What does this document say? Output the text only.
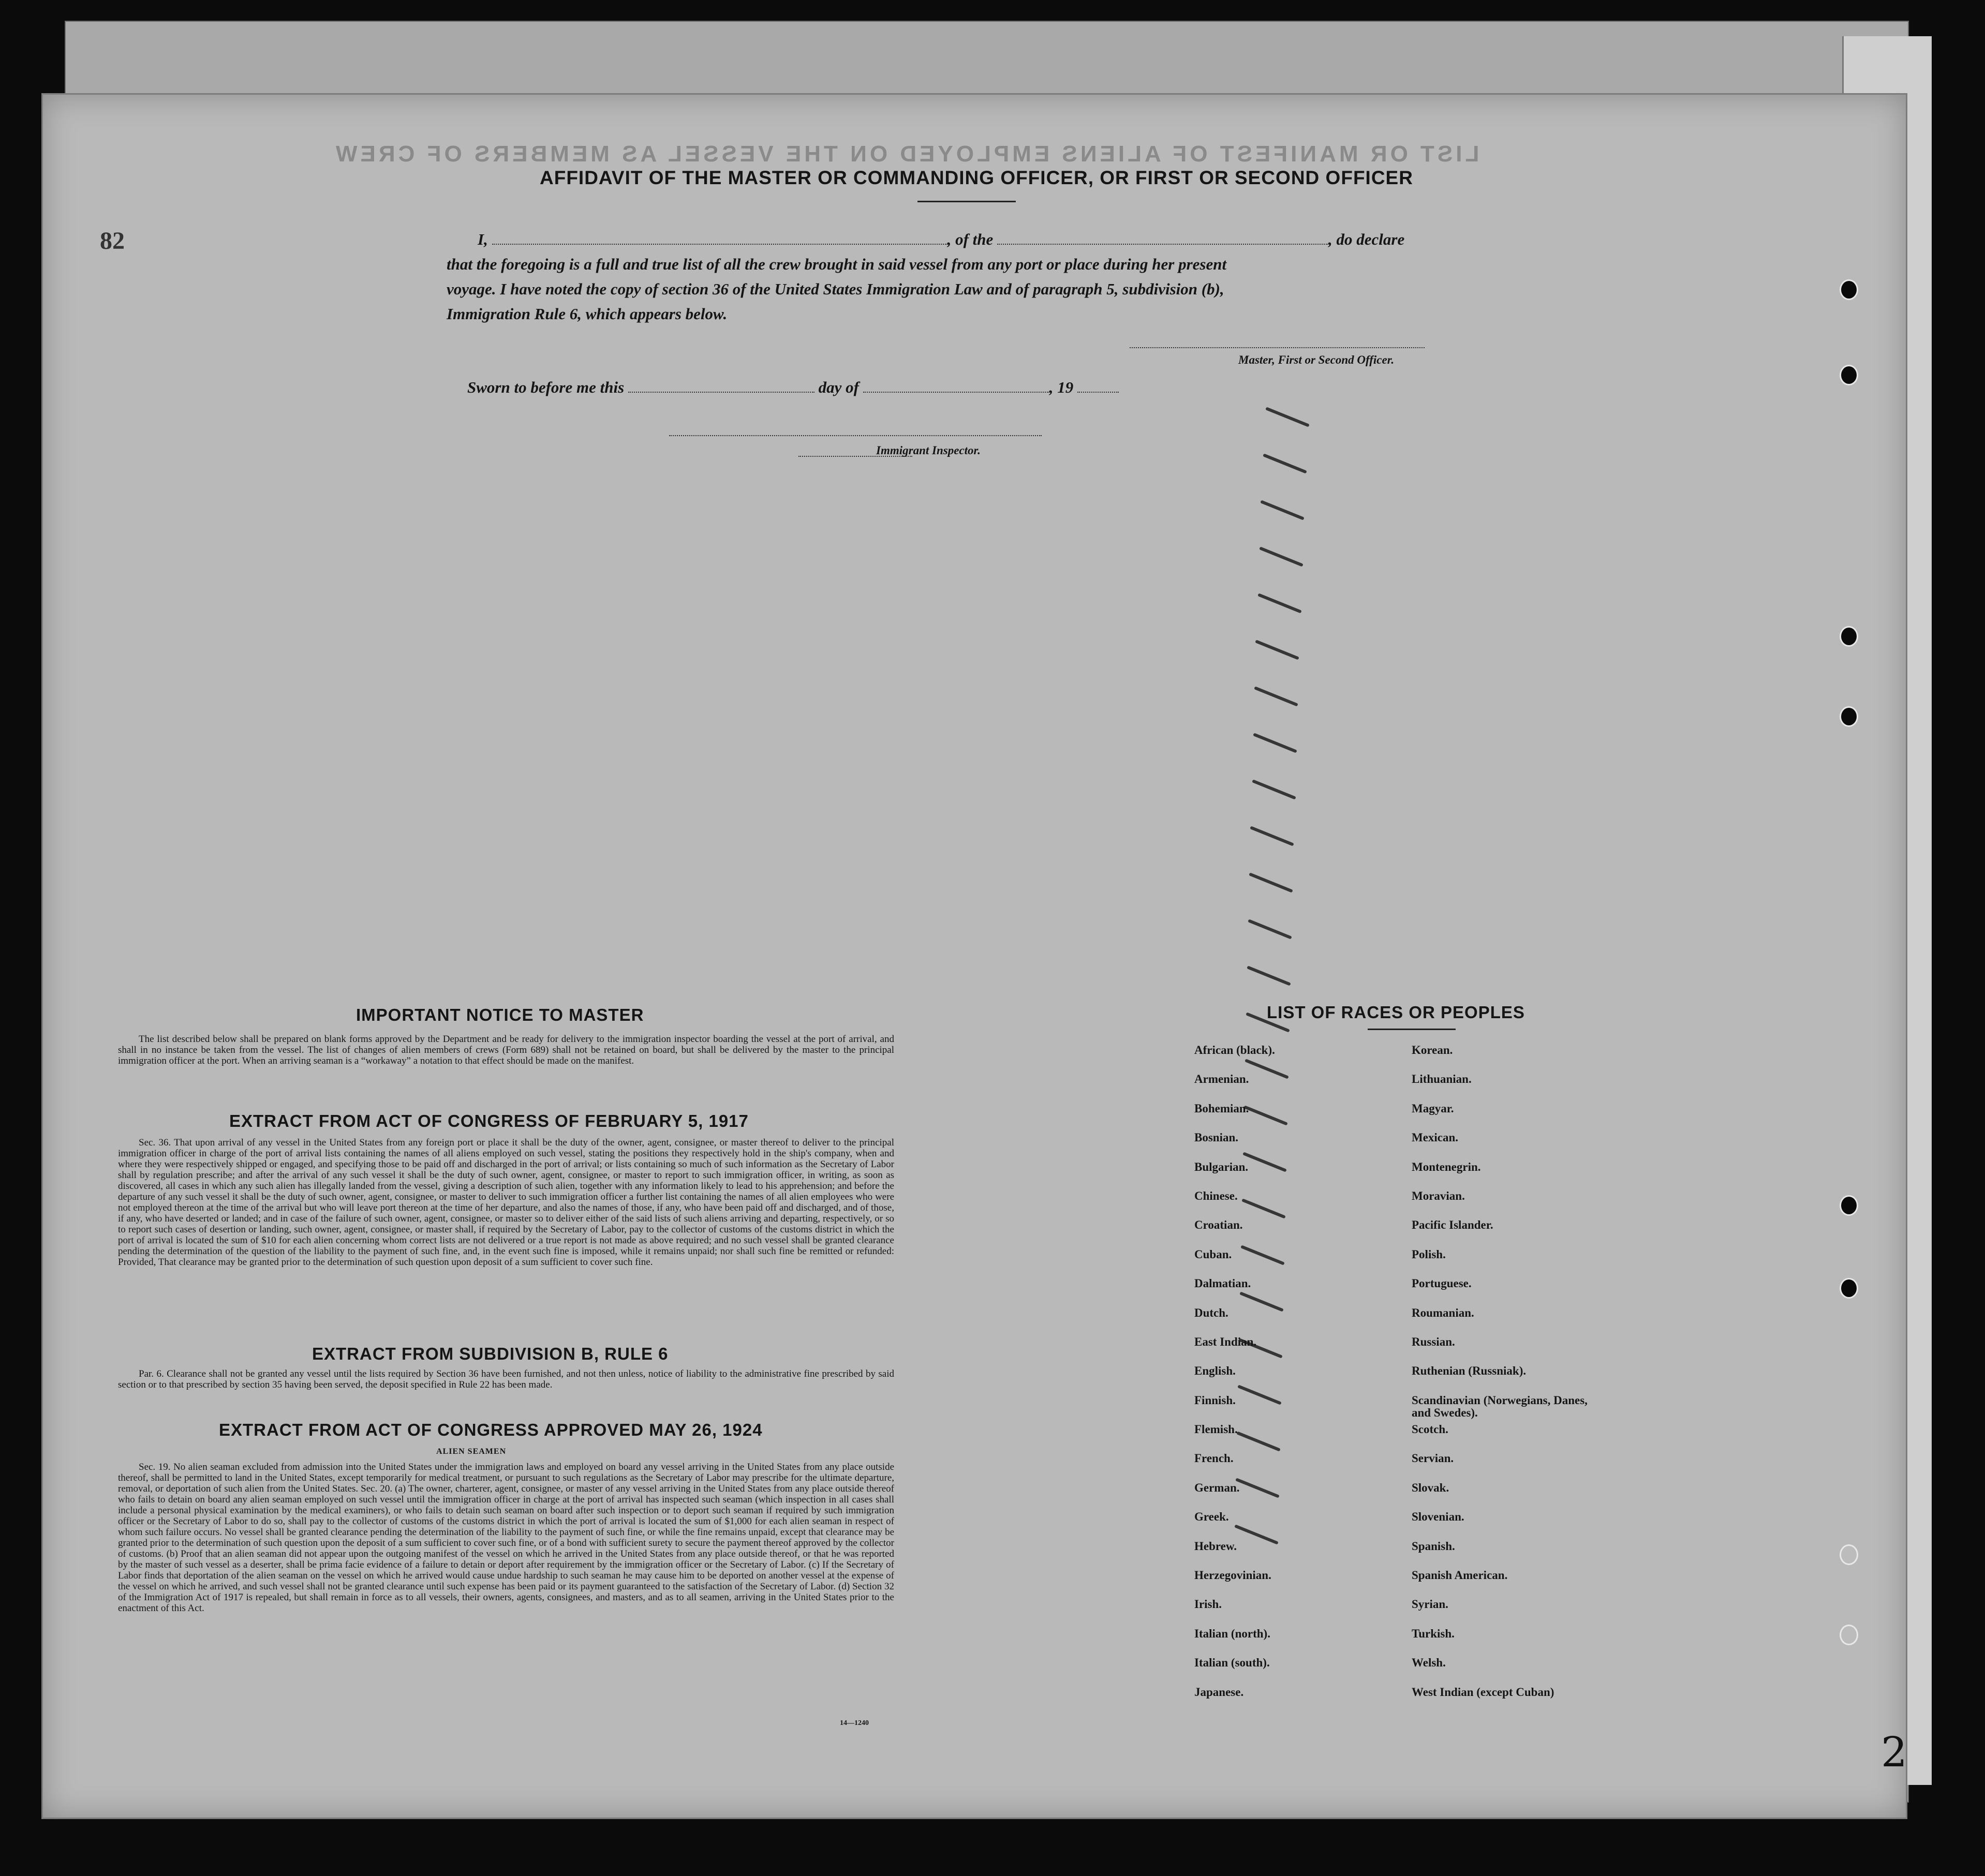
LIST OR MANIFEST OF ALIENS EMPLOYED ON THE VESSEL AS MEMBERS OF CREW
82
AFFIDAVIT OF THE MASTER OR COMMANDING OFFICER, OR FIRST OR SECOND OFFICER
I,	, of the	, do declare
that the foregoing is a full and true list of all the crew brought in said vessel from any port or place during her present
voyage. I have noted the copy of section 36 of the United States Immigration Law and of paragraph 5, subdivision (b),
Immigration Rule 6, which appears below.
Master, First or Second Officer.
Sworn to before me this	day of	, 19
Immigrant Inspector.
IMPORTANT NOTICE TO MASTER
The list described below shall be prepared on blank forms approved by the Department and be ready for delivery to the immigration inspector boarding the vessel at the port of arrival, and shall in no instance be taken from the vessel. The list of changes of alien members of crews (Form 689) shall not be retained on board, but shall be delivered by the master to the principal immigration officer at the port. When an arriving seaman is a “workaway” a notation to that effect should be made on the manifest.
EXTRACT FROM ACT OF CONGRESS OF FEBRUARY 5, 1917
Sec. 36. That upon arrival of any vessel in the United States from any foreign port or place it shall be the duty of the owner, agent, consignee, or master thereof to deliver to the principal immigration officer in charge of the port of arrival lists containing the names of all aliens employed on such vessel, stating the positions they respectively hold in the ship's company, when and where they were respectively shipped or engaged, and specifying those to be paid off and discharged in the port of arrival; or lists containing so much of such information as the Secretary of Labor shall by regulation prescribe; and after the arrival of any such vessel it shall be the duty of such owner, agent, consignee, or master to report to such immigration officer, in writing, as soon as discovered, all cases in which any such alien has illegally landed from the vessel, giving a description of such alien, together with any information likely to lead to his apprehension; and before the departure of any such vessel it shall be the duty of such owner, agent, consignee, or master to deliver to such immigration officer a further list containing the names of all alien employees who were not employed thereon at the time of the arrival but who will leave port thereon at the time of her departure, and also the names of those, if any, who have been paid off and discharged, and of those, if any, who have deserted or landed; and in case of the failure of such owner, agent, consignee, or master so to deliver either of the said lists of such aliens arriving and departing, respectively, or so to report such cases of desertion or landing, such owner, agent, consignee, or master shall, if required by the Secretary of Labor, pay to the collector of customs of the customs district in which the port of arrival is located the sum of $10 for each alien concerning whom correct lists are not delivered or a true report is not made as above required; and no such vessel shall be granted clearance pending the determination of the question of the liability to the payment of such fine, and, in the event such fine is imposed, while it remains unpaid; nor shall such fine be remitted or refunded: Provided, That clearance may be granted prior to the determination of such question upon deposit of a sum sufficient to cover such fine.
EXTRACT FROM SUBDIVISION B, RULE 6
Par. 6. Clearance shall not be granted any vessel until the lists required by Section 36 have been furnished, and not then unless, notice of liability to the administrative fine prescribed by said section or to that prescribed by section 35 having been served, the deposit specified in Rule 22 has been made.
EXTRACT FROM ACT OF CONGRESS APPROVED MAY 26, 1924
ALIEN SEAMEN
Sec. 19. No alien seaman excluded from admission into the United States under the immigration laws and employed on board any vessel arriving in the United States from any place outside thereof, shall be permitted to land in the United States, except temporarily for medical treatment, or pursuant to such regulations as the Secretary of Labor may prescribe for the ultimate departure, removal, or deportation of such alien from the United States. Sec. 20. (a) The owner, charterer, agent, consignee, or master of any vessel arriving in the United States from any place outside thereof who fails to detain on board any alien seaman employed on such vessel until the immigration officer in charge at the port of arrival has inspected such seaman (which inspection in all cases shall include a personal physical examination by the medical examiners), or who fails to detain such seaman on board after such inspection or to deport such seaman if required by such immigration officer or the Secretary of Labor to do so, shall pay to the collector of customs of the customs district in which the port of arrival is located the sum of $1,000 for each alien seaman in respect of whom such failure occurs. No vessel shall be granted clearance pending the determination of the liability to the payment of such fine, or while the fine remains unpaid, except that clearance may be granted prior to the determination of such question upon the deposit of a sum sufficient to cover such fine, or of a bond with sufficient surety to secure the payment thereof approved by the collector of customs. (b) Proof that an alien seaman did not appear upon the outgoing manifest of the vessel on which he arrived in the United States from any place outside thereof, or that he was reported by the master of such vessel as a deserter, shall be prima facie evidence of a failure to detain or deport after requirement by the immigration officer or the Secretary of Labor. (c) If the Secretary of Labor finds that deportation of the alien seaman on the vessel on which he arrived would cause undue hardship to such seaman he may cause him to be deported on another vessel at the expense of the vessel on which he arrived, and such vessel shall not be granted clearance until such expense has been paid or its payment guaranteed to the satisfaction of the Secretary of Labor. (d) Section 32 of the Immigration Act of 1917 is repealed, but shall remain in force as to all vessels, their owners, agents, consignees, and masters, and as to all seamen, arriving in the United States prior to the enactment of this Act.
14—1240
LIST OF RACES OR PEOPLES
African (black).
Armenian.
Bohemian.
Bosnian.
Bulgarian.
Chinese.
Croatian.
Cuban.
Dalmatian.
Dutch.
East Indian.
English.
Finnish.
Flemish.
French.
German.
Greek.
Hebrew.
Herzegovinian.
Irish.
Italian (north).
Italian (south).
Japanese.
Korean.
Lithuanian.
Magyar.
Mexican.
Montenegrin.
Moravian.
Pacific Islander.
Polish.
Portuguese.
Roumanian.
Russian.
Ruthenian (Russniak).
Scandinavian (Norwegians, Danes, and Swedes).
Scotch.
Servian.
Slovak.
Slovenian.
Spanish.
Spanish American.
Syrian.
Turkish.
Welsh.
West Indian (except Cuban)
2
